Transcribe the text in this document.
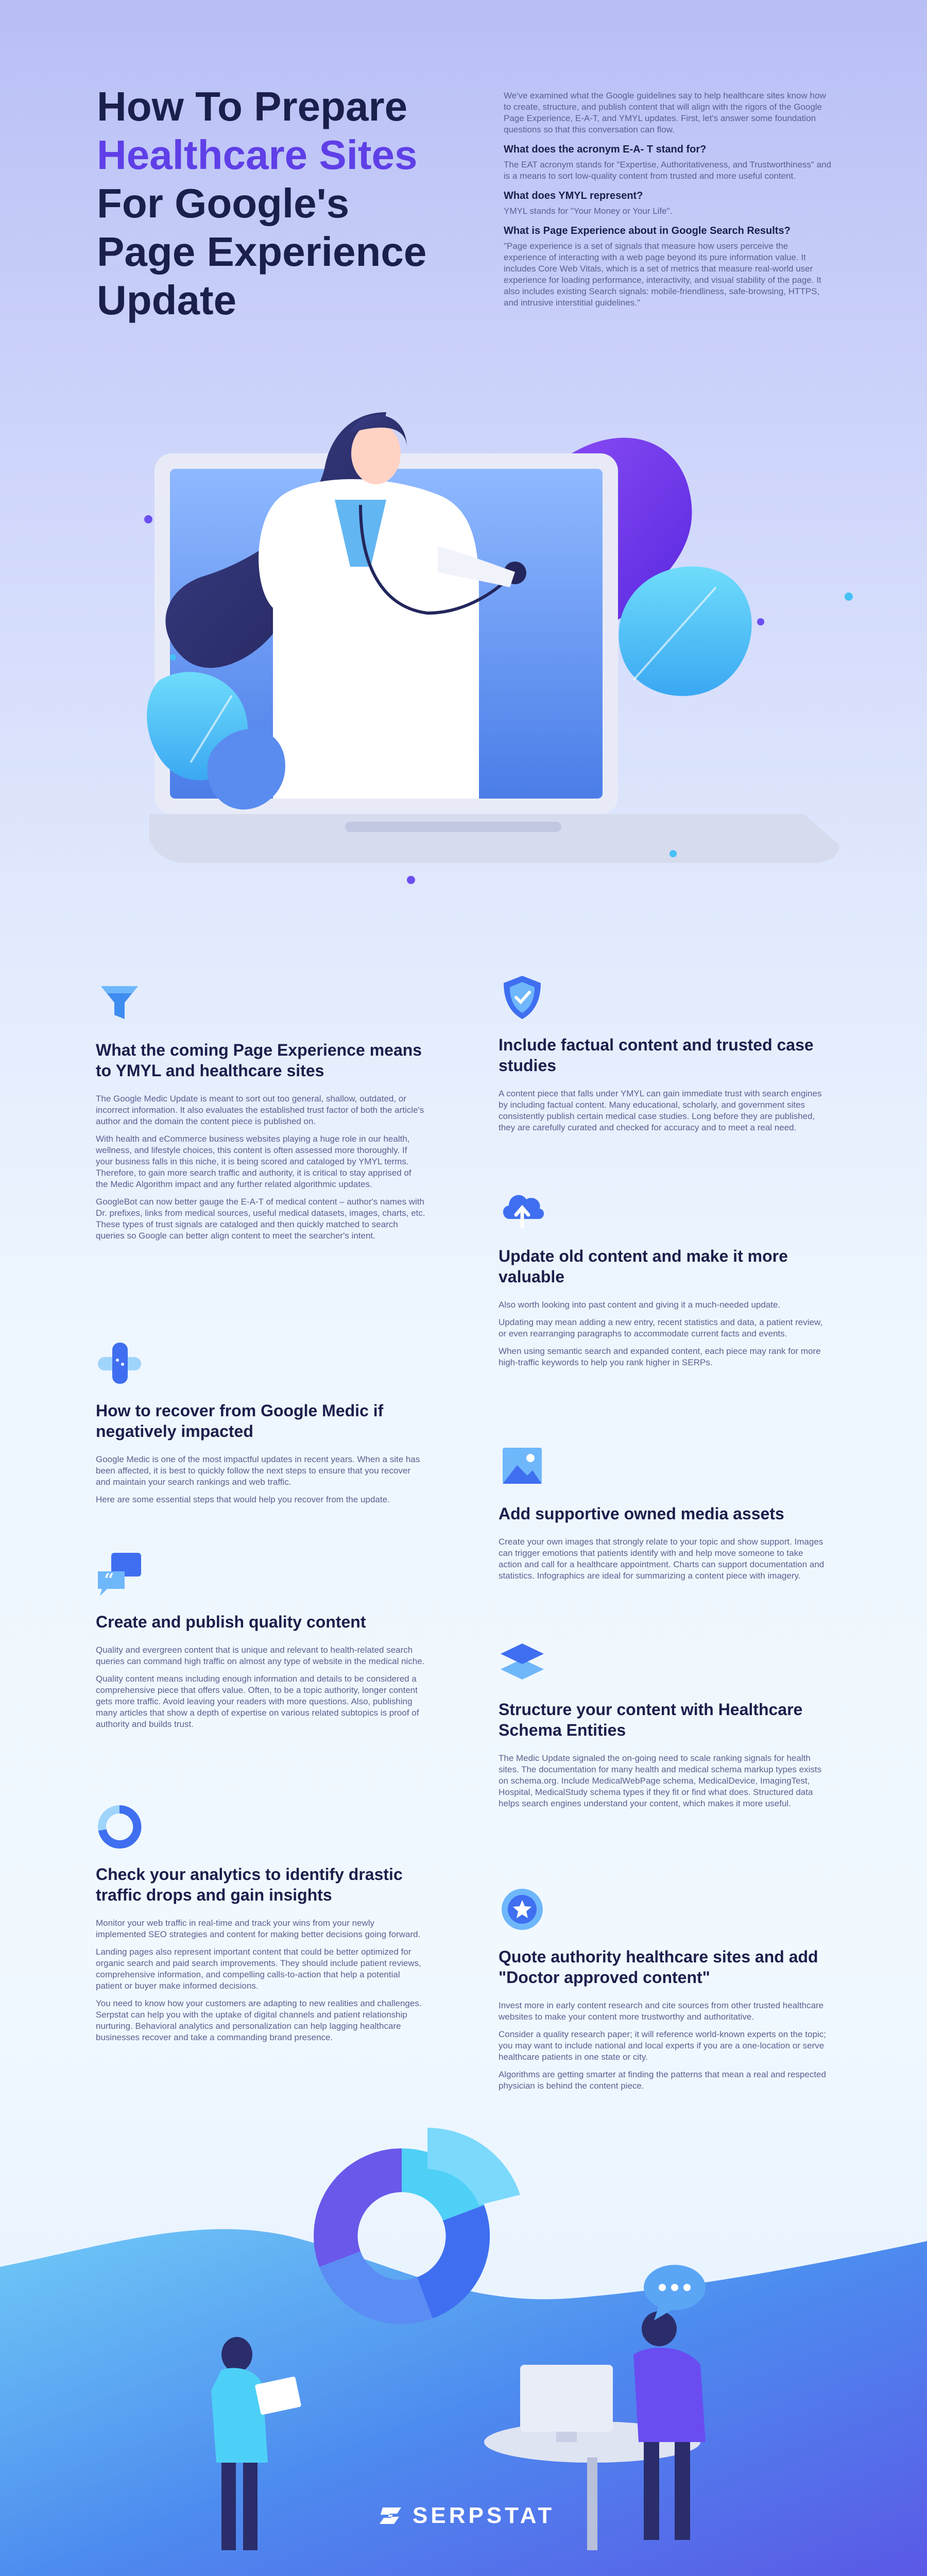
How To Prepare
Healthcare Sites
For Google's
Page Experience
Update

We've examined what the Google guidelines say to help healthcare sites know how to create, structure, and publish content that will align with the rigors of the Google Page Experience, E-A-T, and YMYL updates. First, let's answer some foundation questions so that this conversation can flow.

What does the acronym E-A- T stand for?

The EAT acronym stands for "Expertise, Authoritativeness, and Trustworthiness" and is a means to sort low-quality content from trusted and more useful content.

What does YMYL represent?

YMYL stands for "Your Money or Your Life".

What is Page Experience about in Google Search Results?

"Page experience is a set of signals that measure how users perceive the experience of interacting with a web page beyond its pure information value. It includes Core Web Vitals, which is a set of metrics that measure real-world user experience for loading performance, interactivity, and visual stability of the page. It also includes existing Search signals: mobile-friendliness, safe-browsing, HTTPS, and intrusive interstitial guidelines."

What the coming Page Experience means to YMYL and healthcare sites

The Google Medic Update is meant to sort out too general, shallow, outdated, or incorrect information. It also evaluates the established trust factor of both the article's author and the domain the content piece is published on.

With health and eCommerce business websites playing a huge role in our health, wellness, and lifestyle choices, this content is often assessed more thoroughly. If your business falls in this niche, it is being scored and cataloged by YMYL terms. Therefore, to gain more search traffic and authority, it is critical to stay apprised of the Medic Algorithm impact and any further related algorithmic updates.

GoogleBot can now better gauge the E-A-T of medical content – author's names with Dr. prefixes, links from medical sources, useful medical datasets, images, charts, etc. These types of trust signals are cataloged and then quickly matched to search queries so Google can better align content to meet the searcher's intent.

How to recover from Google Medic if negatively impacted

Google Medic is one of the most impactful updates in recent years. When a site has been affected, it is best to quickly follow the next steps to ensure that you recover and maintain your search rankings and web traffic.

Here are some essential steps that would help you recover from the update.

“
Create and publish quality content

Quality and evergreen content that is unique and relevant to health-related search queries can command high traffic on almost any type of website in the medical niche.

Quality content means including enough information and details to be considered a comprehensive piece that offers value. Often, to be a topic authority, longer content gets more traffic. Avoid leaving your readers with more questions. Also, publishing many articles that show a depth of expertise on various related subtopics is proof of authority and builds trust.

Check your analytics to identify drastic traffic drops and gain insights

Monitor your web traffic in real-time and track your wins from your newly implemented SEO strategies and content for making better decisions going forward.

Landing pages also represent important content that could be better optimized for organic search and paid search improvements. They should include patient reviews, comprehensive information, and compelling calls-to-action that help a potential patient or buyer make informed decisions.

You need to know how your customers are adapting to new realities and challenges. Serpstat can help you with the uptake of digital channels and patient relationship nurturing. Behavioral analytics and personalization can help lagging healthcare businesses recover and take a commanding brand presence.

Include factual content and trusted case studies

A content piece that falls under YMYL can gain immediate trust with search engines by including factual content. Many educational, scholarly, and government sites consistently publish certain medical case studies. Long before they are published, they are carefully curated and checked for accuracy and to meet a real need.

Update old content and make it more valuable

Also worth looking into past content and giving it a much-needed update.

Updating may mean adding a new entry, recent statistics and data, a patient review, or even rearranging paragraphs to accommodate current facts and events.

When using semantic search and expanded content, each piece may rank for more high-traffic keywords to help you rank higher in SERPs.

Add supportive owned media assets

Create your own images that strongly relate to your topic and show support. Images can trigger emotions that patients identify with and help move someone to take action and call for a healthcare appointment. Charts can support documentation and statistics. Infographics are ideal for summarizing a content piece with imagery.

Structure your content with Healthcare Schema Entities

The Medic Update signaled the on-going need to scale ranking signals for health sites. The documentation for many health and medical schema markup types exists on schema.org. Include MedicalWebPage schema, MedicalDevice, ImagingTest, Hospital, MedicalStudy schema types if they fit or find what does. Structured data helps search engines understand your content, which makes it more useful.

Quote authority healthcare sites and add "Doctor approved content"

Invest more in early content research and cite sources from other trusted healthcare websites to make your content more trustworthy and authoritative.

Consider a quality research paper; it will reference world-known experts on the topic; you may want to include national and local experts if you are a one-location or serve healthcare patients in one state or city.

Algorithms are getting smarter at finding the patterns that mean a real and respected physician is behind the content piece.

SERPSTAT
